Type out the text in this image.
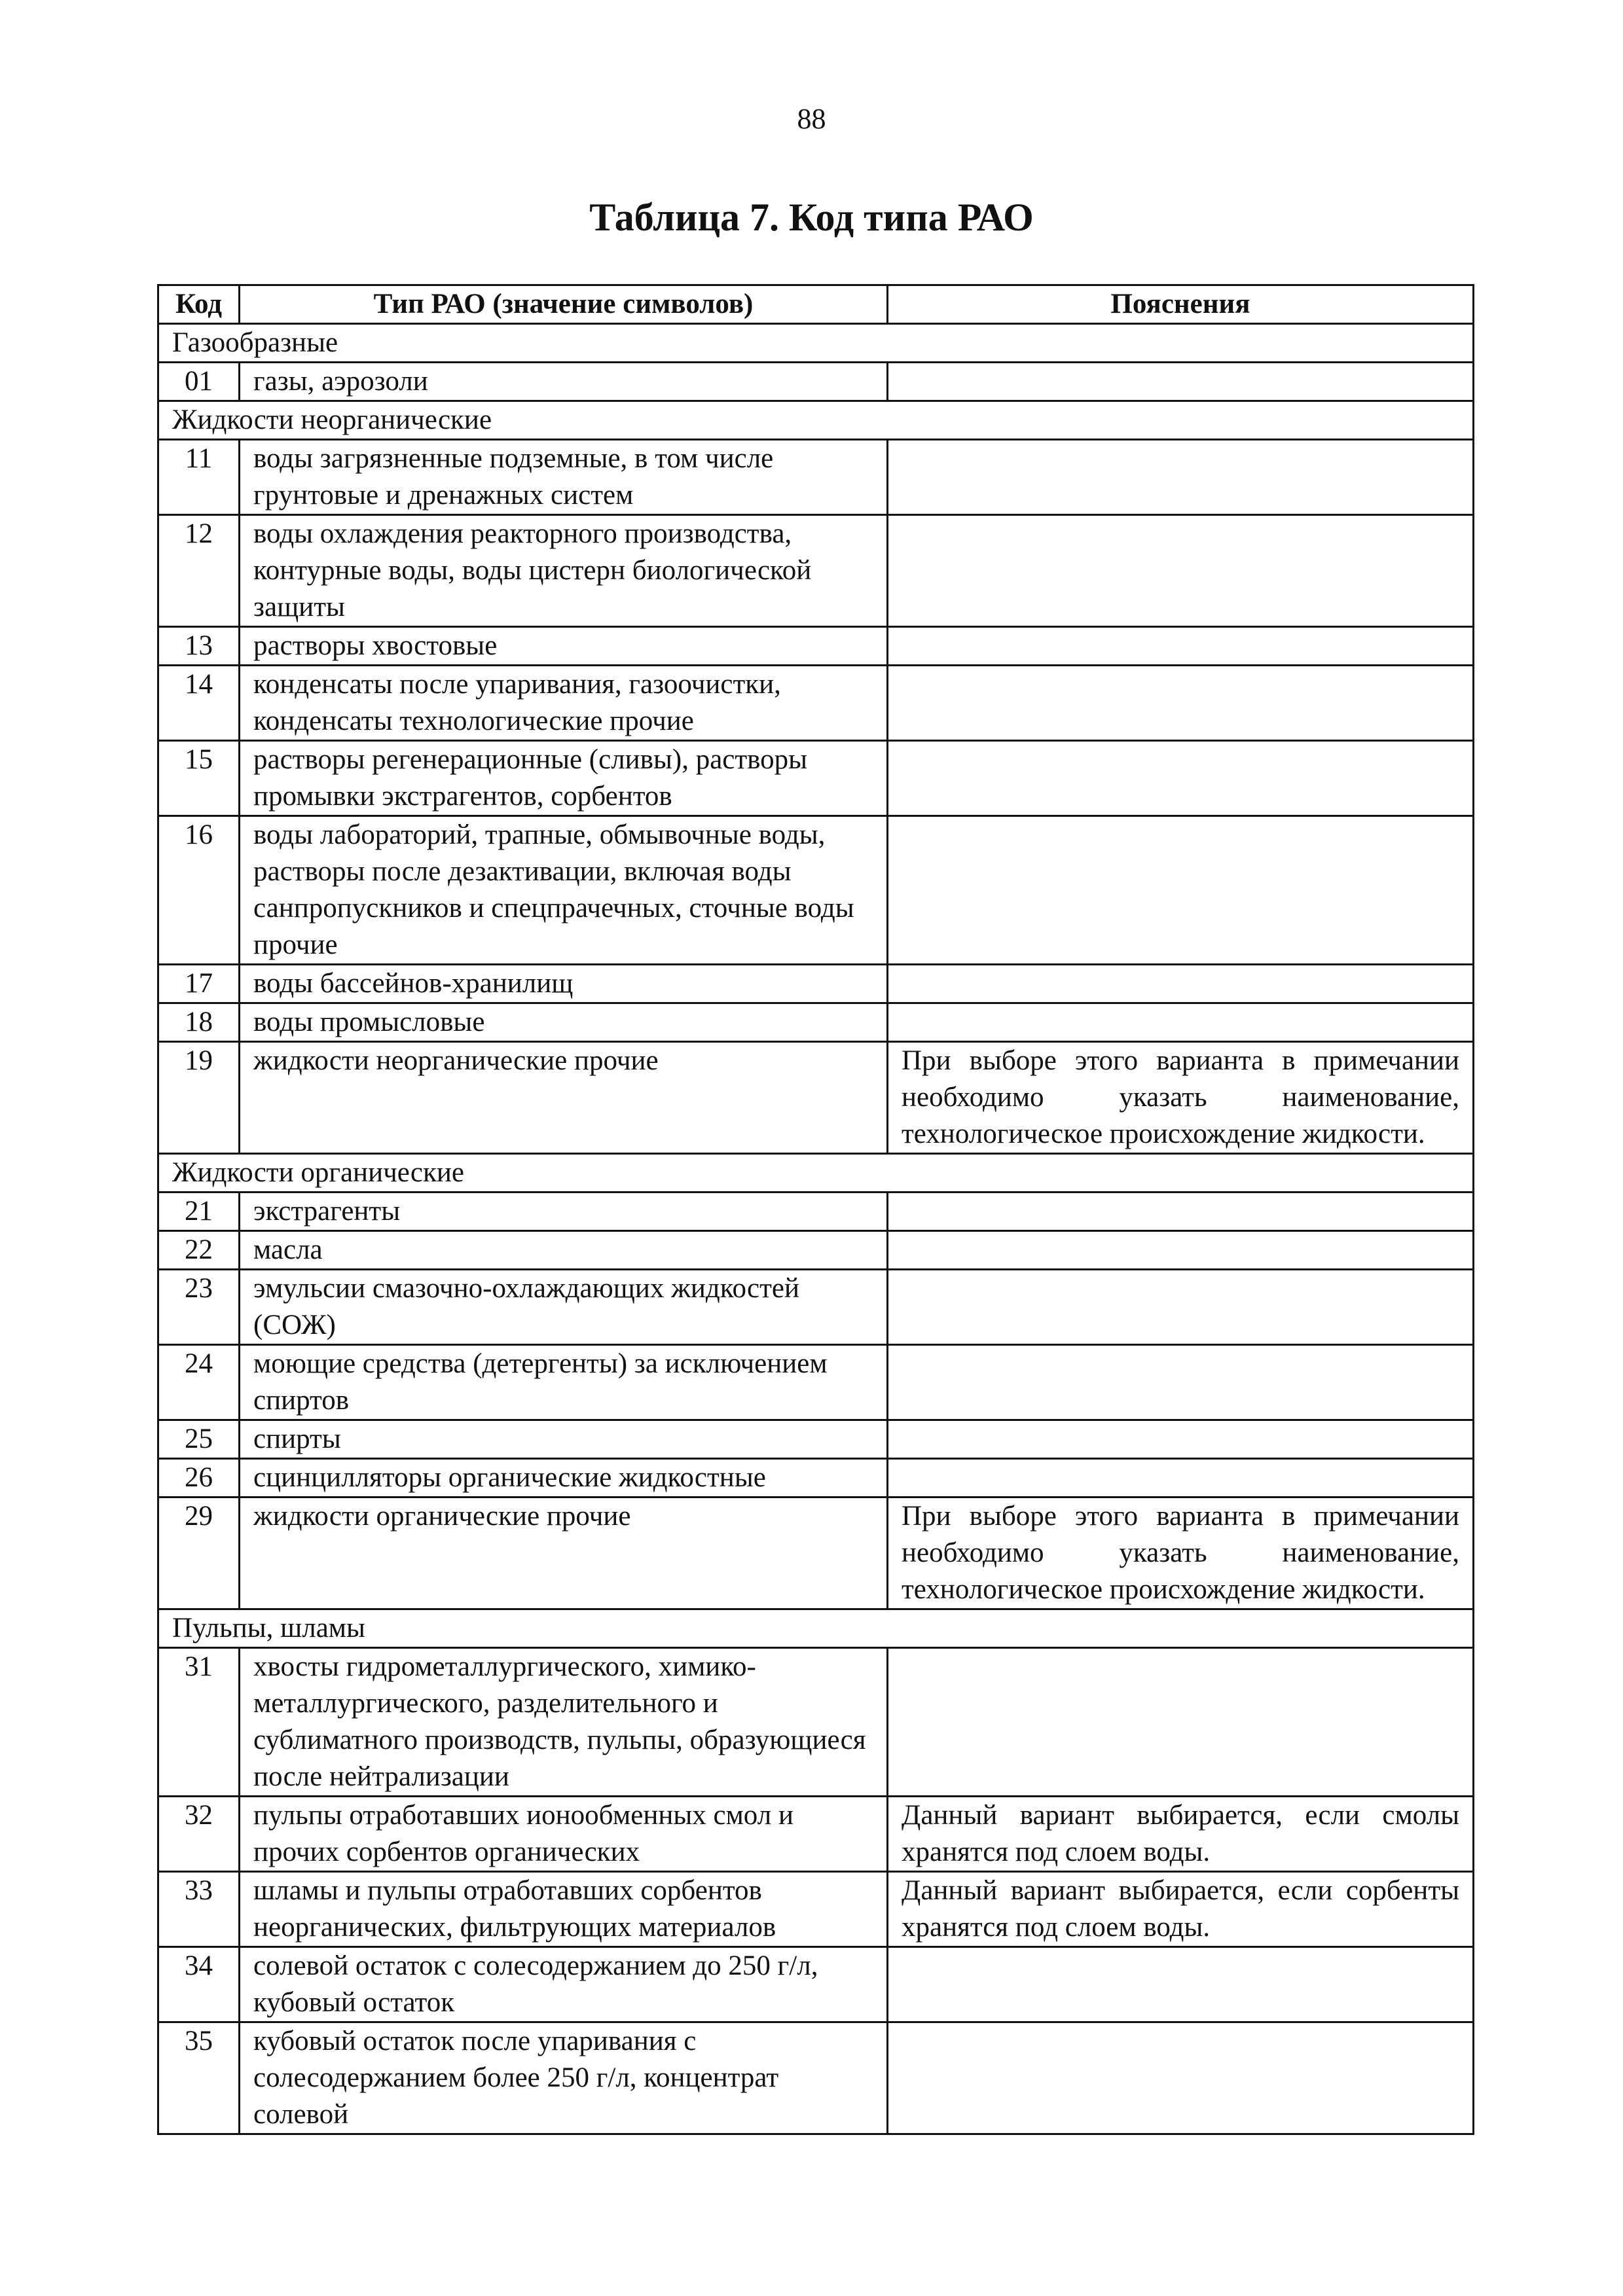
88
Таблица 7. Код типа РАО
Код	Тип РАО (значение символов)	Пояснения
Газообразные		
01	газы, аэрозоли	
Жидкости неорганические		
11	воды загрязненные подземные, в том числе грунтовые и дренажных систем	
12	воды охлаждения реакторного производства, контурные воды, воды цистерн биологической защиты	
13	растворы хвостовые	
14	конденсаты после упаривания, газоочистки, конденсаты технологические прочие	
15	растворы регенерационные (сливы), растворы промывки экстрагентов, сорбентов	
16	воды лабораторий, трапные, обмывочные воды, растворы после дезактивации, включая воды санпропускников и спецпрачечных, сточные воды прочие	
17	воды бассейнов-хранилищ	
18	воды промысловые	
19	жидкости неорганические прочие	При выборе этого варианта в примечании необходимо указать наименование, технологическое происхождение жидкости.
Жидкости органические		
21	экстрагенты	
22	масла	
23	эмульсии смазочно-охлаждающих жидкостей (СОЖ)	
24	моющие средства (детергенты) за исключением спиртов	
25	спирты	
26	сцинцилляторы органические жидкостные	
29	жидкости органические прочие	При выборе этого варианта в примечании необходимо указать наименование, технологическое происхождение жидкости.
Пульпы, шламы		
31	хвосты гидрометаллургического, химико-металлургического, разделительного и сублиматного производств, пульпы, образующиеся после нейтрализации	
32	пульпы отработавших ионообменных смол и прочих сорбентов органических	Данный вариант выбирается, если смолы хранятся под слоем воды.
33	шламы и пульпы отработавших сорбентов неорганических, фильтрующих материалов	Данный вариант выбирается, если сорбенты хранятся под слоем воды.
34	солевой остаток с солесодержанием до 250 г/л, кубовый остаток	
35	кубовый остаток после упаривания с солесодержанием более 250 г/л, концентрат солевой	
